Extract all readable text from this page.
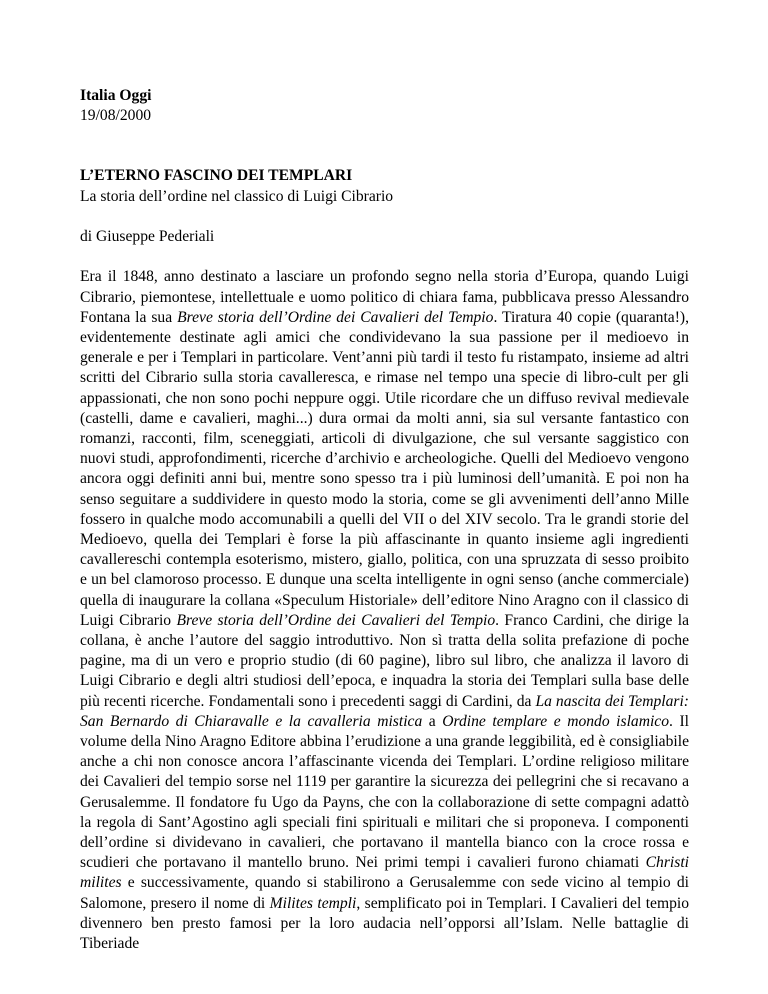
Italia Oggi
19/08/2000
L’ETERNO FASCINO DEI TEMPLARI
La storia dell’ordine nel classico di Luigi Cibrario
di Giuseppe Pederiali

Era il 1848, anno destinato a lasciare un profondo segno nella storia d’Europa, quando Luigi Cibrario, piemontese, intellettuale e uomo politico di chiara fama, pubblicava presso Alessandro Fontana la sua Breve storia dell’Ordine dei Cavalieri del Tempio. Tiratura 40 copie (quaranta!), evidentemente destinate agli amici che condividevano la sua passione per il medioevo in generale e per i Templari in particolare. Vent’anni più tardi il testo fu ristampato, insieme ad altri scritti del Cibrario sulla storia cavalleresca, e rimase nel tempo una specie di libro-cult per gli appassionati, che non sono pochi neppure oggi. Utile ricordare che un diffuso revival medievale (castelli, dame e cavalieri, maghi...) dura ormai da molti anni, sia sul versante fantastico con romanzi, racconti, film, sceneggiati, articoli di divulgazione, che sul versante saggistico con nuovi studi, approfondimenti, ricerche d’archivio e archeologiche. Quelli del Medioevo vengono ancora oggi definiti anni bui, mentre sono spesso tra i più luminosi dell’umanità. E poi non ha senso seguitare a suddividere in questo modo la storia, come se gli avvenimenti dell’anno Mille fossero in qualche modo accomunabili a quelli del VII o del XIV secolo. Tra le grandi storie del Medioevo, quella dei Templari è forse la più affascinante in quanto insieme agli ingredienti cavallereschi contempla esoterismo, mistero, giallo, politica, con una spruzzata di sesso proibito e un bel clamoroso processo. E dunque una scelta intelligente in ogni senso (anche commerciale) quella di inaugurare la collana «Speculum Historiale» dell’editore Nino Aragno con il classico di Luigi Cibrario Breve storia dell’Ordine dei Cavalieri del Tempio. Franco Cardini, che dirige la collana, è anche l’autore del saggio introduttivo. Non sì tratta della solita prefazione di poche pagine, ma di un vero e proprio studio (di 60 pagine), libro sul libro, che analizza il lavoro di Luigi Cibrario e degli altri studiosi dell’epoca, e inquadra la storia dei Templari sulla base delle più recenti ricerche. Fondamentali sono i precedenti saggi di Cardini, da La nascita dei Templari: San Bernardo di Chiaravalle e la cavalleria mistica a Ordine templare e mondo islamico. Il volume della Nino Aragno Editore abbina l’erudizione a una grande leggibilità, ed è consigliabile anche a chi non conosce ancora l’affascinante vicenda dei Templari. L’ordine religioso militare dei Cavalieri del tempio sorse nel 1119 per garantire la sicurezza dei pellegrini che si recavano a Gerusalemme. Il fondatore fu Ugo da Payns, che con la collaborazione di sette compagni adattò la regola di Sant’Agostino agli speciali fini spirituali e militari che si proponeva. I componenti dell’ordine si dividevano in cavalieri, che portavano il mantella bianco con la croce rossa e scudieri che portavano il mantello bruno. Nei primi tempi i cavalieri furono chiamati Christi milites e successivamente, quando si stabilirono a Gerusalemme con sede vicino al tempio di Salomone, presero il nome di Milites templi, semplificato poi in Templari. I Cavalieri del tempio divennero ben presto famosi per la loro audacia nell’opporsi all’Islam. Nelle battaglie di Tiberiade
